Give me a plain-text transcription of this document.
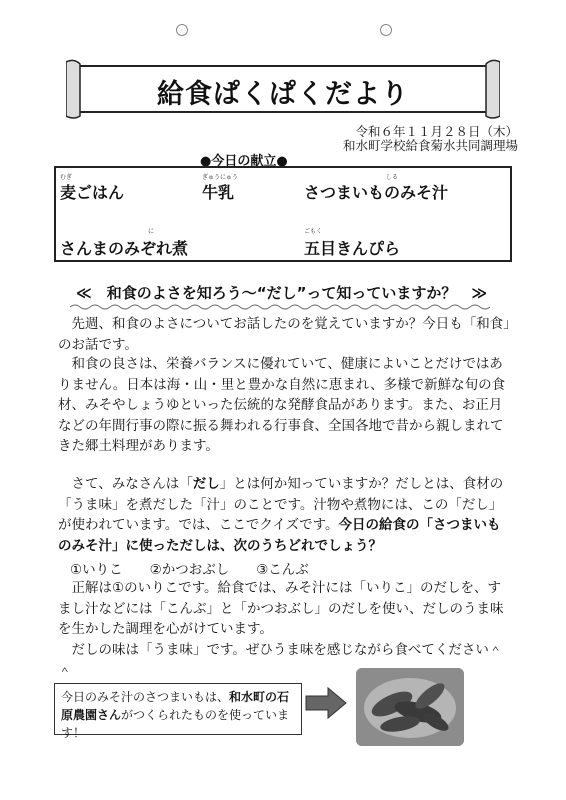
給食ぱくぱくだより
令和６年１１月２８日（木）
和水町学校給食菊水共同調理場
●今日の献立●
むぎ
麦ごはん
ぎゅうにゅう
牛乳
しる
さつまいものみそ汁
に
さんまのみぞれ煮
ごもく
五目きんぴら
≪　和食のよさを知ろう～“だし”って知っていますか？　≫
　先週、和食のよさについてお話したのを覚えていますか？今日も「和食」のお話です。
　和食の良さは、栄養バランスに優れていて、健康によいことだけではありません。日本は海・山・里と豊かな自然に恵まれ、多様で新鮮な旬の食材、みそやしょうゆといった伝統的な発酵食品があります。また、お正月などの年間行事の際に振る舞われる行事食、全国各地で昔から親しまれてきた郷土料理があります。
　さて、みなさんは「だし」とは何か知っていますか？だしとは、食材の「うま味」を煮だした「汁」のことです。汁物や煮物には、この「だし」が使われています。では、ここでクイズです。今日の給食の「さつまいものみそ汁」に使っただしは、次のうちどれでしょう？
①いりこ　　②かつおぶし　　③こんぶ
　正解は①のいりこです。給食では、みそ汁には「いりこ」のだしを、すまし汁などには「こんぶ」と「かつおぶし」のだしを使い、だしのうま味を生かした調理を心がけています。
　だしの味は「うま味」です。ぜひうま味を感じながら食べてください＾＾
今日のみそ汁のさつまいもは、和水町の石原農園さんがつくられたものを使っています！
